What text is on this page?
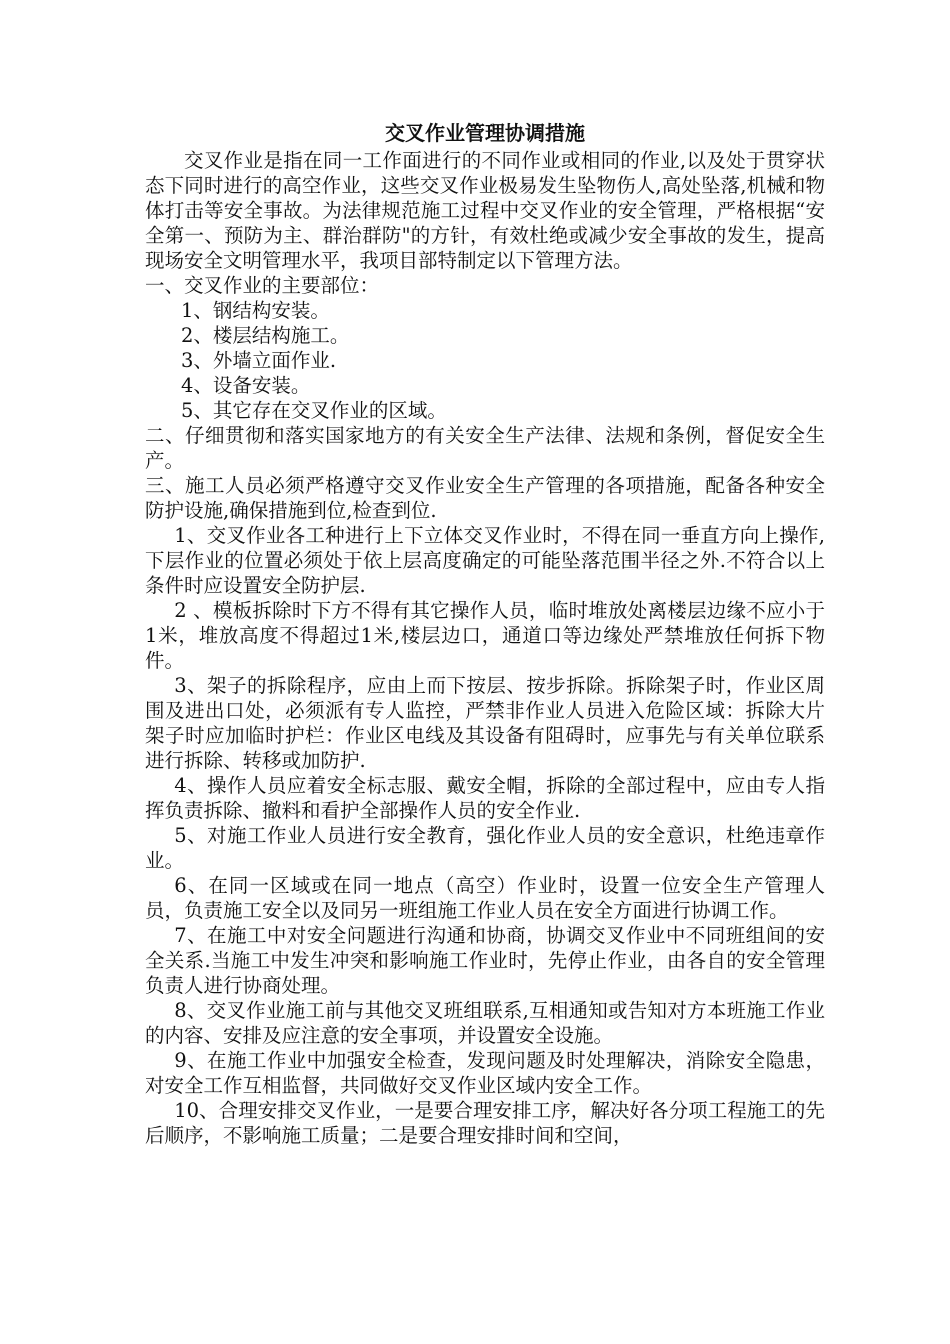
交叉作业管理协调措施

交叉作业是指在同一工作面进行的不同作业或相同的作业,以及处于贯穿状态下同时进行的高空作业，这些交叉作业极易发生坠物伤人,高处坠落,机械和物体打击等安全事故。为法律规范施工过程中交叉作业的安全管理，严格根据“安全第一、预防为主、群治群防"的方针，有效杜绝或减少安全事故的发生，提高现场安全文明管理水平，我项目部特制定以下管理方法。

一、交叉作业的主要部位：

1、钢结构安装。

2、楼层结构施工。

3、外墙立面作业.

4、设备安装。

5、其它存在交叉作业的区域。

二、仔细贯彻和落实国家地方的有关安全生产法律、法规和条例，督促安全生产。

三、施工人员必须严格遵守交叉作业安全生产管理的各项措施，配备各种安全防护设施,确保措施到位,检查到位.

1、交叉作业各工种进行上下立体交叉作业时，不得在同一垂直方向上操作,下层作业的位置必须处于依上层高度确定的可能坠落范围半径之外.不符合以上条件时应设置安全防护层.

2 、模板拆除时下方不得有其它操作人员，临时堆放处离楼层边缘不应小于1米，堆放高度不得超过1米,楼层边口，通道口等边缘处严禁堆放任何拆下物件。

3、架子的拆除程序，应由上而下按层、按步拆除。拆除架子时，作业区周围及进出口处，必须派有专人监控，严禁非作业人员进入危险区域：拆除大片架子时应加临时护栏：作业区电线及其设备有阻碍时，应事先与有关单位联系进行拆除、转移或加防护.

4、操作人员应着安全标志服、戴安全帽，拆除的全部过程中，应由专人指挥负责拆除、撤料和看护全部操作人员的安全作业.

5、对施工作业人员进行安全教育，强化作业人员的安全意识，杜绝违章作业。

6、在同一区域或在同一地点（高空）作业时，设置一位安全生产管理人员，负责施工安全以及同另一班组施工作业人员在安全方面进行协调工作。

7、在施工中对安全问题进行沟通和协商，协调交叉作业中不同班组间的安全关系.当施工中发生冲突和影响施工作业时，先停止作业，由各自的安全管理负责人进行协商处理。

8、交叉作业施工前与其他交叉班组联系,互相通知或告知对方本班施工作业的内容、安排及应注意的安全事项，并设置安全设施。

9、在施工作业中加强安全检查，发现问题及时处理解决，消除安全隐患，对安全工作互相监督，共同做好交叉作业区域内安全工作。

10、合理安排交叉作业，一是要合理安排工序，解决好各分项工程施工的先后顺序，不影响施工质量；二是要合理安排时间和空间，
